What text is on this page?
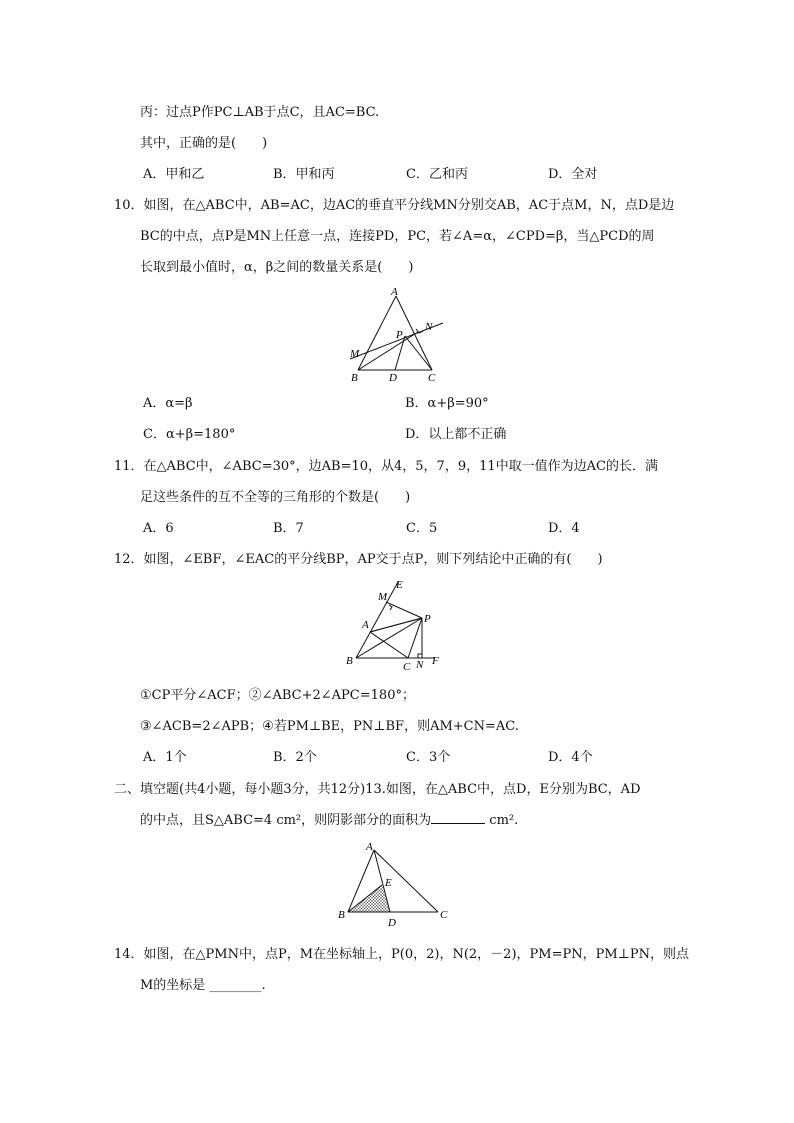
丙：过点P作PC⊥AB于点C，且AC=BC.
其中，正确的是(　　)
A．甲和乙	B．甲和丙	C．乙和丙	D．全对
10．如图，在△ABC中，AB=AC，边AC的垂直平分线MN分别交AB，AC于点M，N，点D是边
BC的中点，点P是MN上任意一点，连接PD，PC，若∠A=α，∠CPD=β，当△PCD的周
长取到最小值时，α，β之间的数量关系是(　　)
A
N
P
M
B	D	C
A．α=β	B．α+β=90°
C．α+β=180°	D．以上都不正确
11．在△ABC中，∠ABC=30°，边AB=10，从4，5，7，9，11中取一值作为边AC的长．满
足这些条件的互不全等的三角形的个数是(　　)
A．6	B．7	C．5	D．4
12．如图，∠EBF，∠EAC的平分线BP，AP交于点P，则下列结论中正确的有(　　)
E
M
A	P
B	C N F
①CP平分∠ACF；②∠ABC+2∠APC=180°；
③∠ACB=2∠APB；④若PM⊥BE，PN⊥BF，则AM+CN=AC.
A．1个	B．2个	C．3个	D．4个
二、填空题(共4小题，每小题3分，共12分)13.如图，在△ABC中，点D，E分别为BC，AD
的中点，且S△ABC=4 cm²，则阴影部分的面积为	cm².
A
E
B
D
C
14．如图，在△PMN中，点P，M在坐标轴上，P(0，2)，N(2，－2)，PM=PN，PM⊥PN，则点
M的坐标是 ________.
